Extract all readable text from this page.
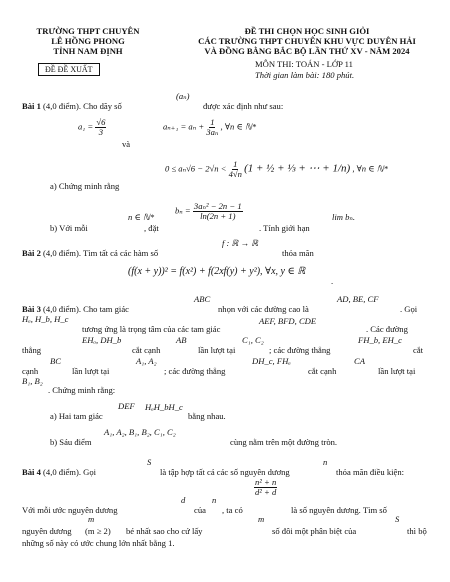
TRƯỜNG THPT CHUYÊN
LÊ HỒNG PHONG
TỈNH NAM ĐỊNH
ĐỀ ĐỀ XUẤT
ĐỀ THI CHỌN HỌC SINH GIỎI
CÁC TRƯỜNG THPT CHUYÊN KHU VỰC DUYÊN HẢI
VÀ ĐỒNG BẰNG BẮC BỘ LẦN THỨ XV - NĂM 2024
MÔN THI: TOÁN - LỚP 11
Thời gian làm bài: 180 phút.
Bài 1 (4,0 điểm). Cho dãy số
(aₙ)
được xác định như sau:
$a_1 = \frac{√6}{3}$
và
$a_{n+1} = a_n + \frac{1}{\text{3aₙ}}$ , ∀n ∈ ℕ*
$0 \le a_n√6 - 2√n < \frac{1}{4√n} (1$ + ½ + ⅓ + ⋯ + 1/n) , ∀n ∈ ℕ*
a) Chứng minh rằng
b) Với mỗi
n ∈ ℕ*
, đặt
$b_n = \frac{\text{3aₙ² − 2n − 1}}{\ln(2n + 1)}$
. Tính giới hạn
lim bₙ.
Bài 2 (4,0 điểm). Tìm tất cả các hàm số
f : ℝ → ℝ
thỏa mãn
(f(x + y))² = f(x²) + f(2xf(y) + y²), ∀x, y ∈ ℝ
.
Bài 3 (4,0 điểm). Cho tam giác
ABC
nhọn với các đường cao là
AD, BE, CF
. Gọi
Hₐ, H_b, H_c
tương ứng là trọng tâm của các tam giác
AEF, BFD, CDE
. Các đường
thẳng
EHₐ, DH_b
cắt cạnh
AB
lần lượt tại
C₁, C₂
; các đường thẳng
FH_b, EH_c
cắt
cạnh
BC
lần lượt tại
A₁, A₂
; các đường thẳng
DH_c, FHₐ
cắt cạnh
CA
lần lượt tại
B₁, B₂
. Chứng minh rằng:
a) Hai tam giác
DEF HₐH_bH_c
bằng nhau.
b) Sáu điểm
A₁, A₂, B₁, B₂, C₁, C₂
cùng nằm trên một đường tròn.
Bài 4 (4,0 điểm). Gọi
S
là tập hợp tất cả các số nguyên dương
n
thỏa mãn điều kiện:
Với mỗi ước nguyên dương
d
của
n
, ta có
$\frac{\text{n² + n}}{\text{d² + d}}$
là số nguyên dương. Tìm số
nguyên dương
m
(m ≥ 2) bé nhất sao cho cứ lấy
m
số đôi một phân biệt của
S
thì bộ
những số này có ước chung lớn nhất bằng 1.
